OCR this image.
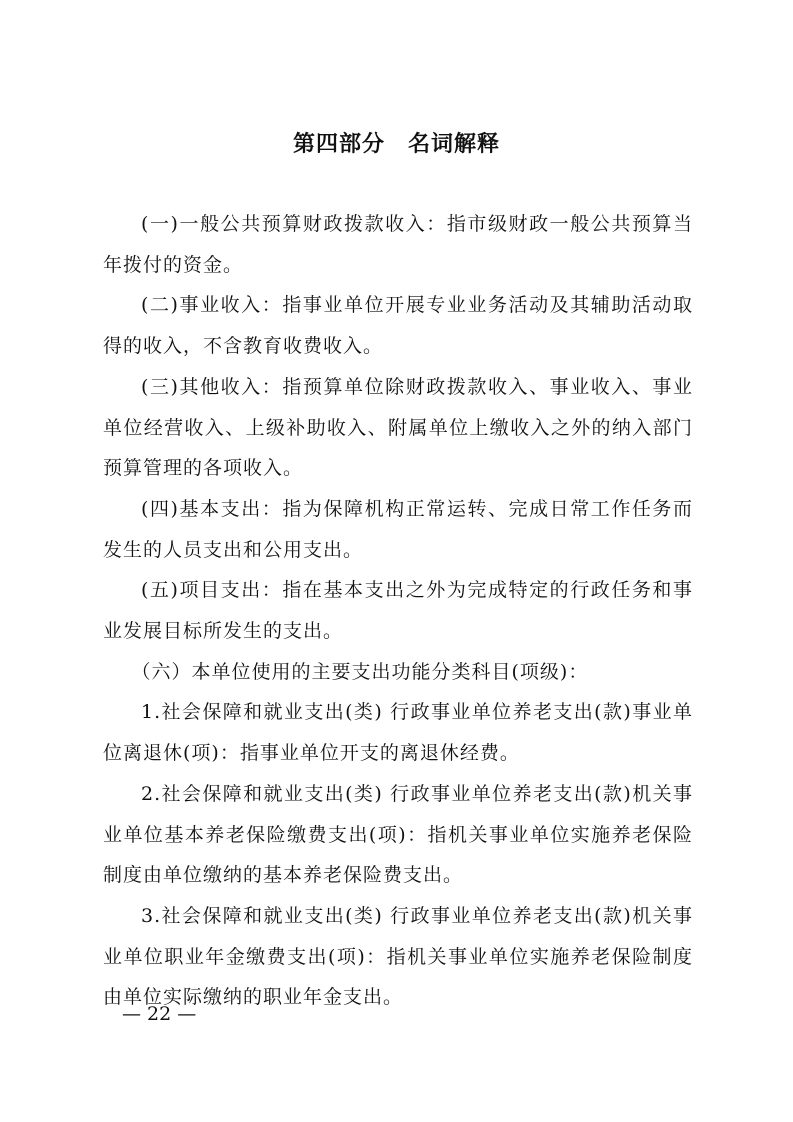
第四部分　名词解释

(一)一般公共预算财政拨款收入：指市级财政一般公共预算当年拨付的资金。

(二)事业收入：指事业单位开展专业业务活动及其辅助活动取得的收入，不含教育收费收入。

(三)其他收入：指预算单位除财政拨款收入、事业收入、事业单位经营收入、上级补助收入、附属单位上缴收入之外的纳入部门预算管理的各项收入。

(四)基本支出：指为保障机构正常运转、完成日常工作任务而发生的人员支出和公用支出。

(五)项目支出：指在基本支出之外为完成特定的行政任务和事业发展目标所发生的支出。

（六）本单位使用的主要支出功能分类科目(项级)：

1.社会保障和就业支出(类) 行政事业单位养老支出(款)事业单位离退休(项)：指事业单位开支的离退休经费。

2.社会保障和就业支出(类) 行政事业单位养老支出(款)机关事业单位基本养老保险缴费支出(项)：指机关事业单位实施养老保险制度由单位缴纳的基本养老保险费支出。

3.社会保障和就业支出(类) 行政事业单位养老支出(款)机关事业单位职业年金缴费支出(项)：指机关事业单位实施养老保险制度由单位实际缴纳的职业年金支出。

— 22 —
